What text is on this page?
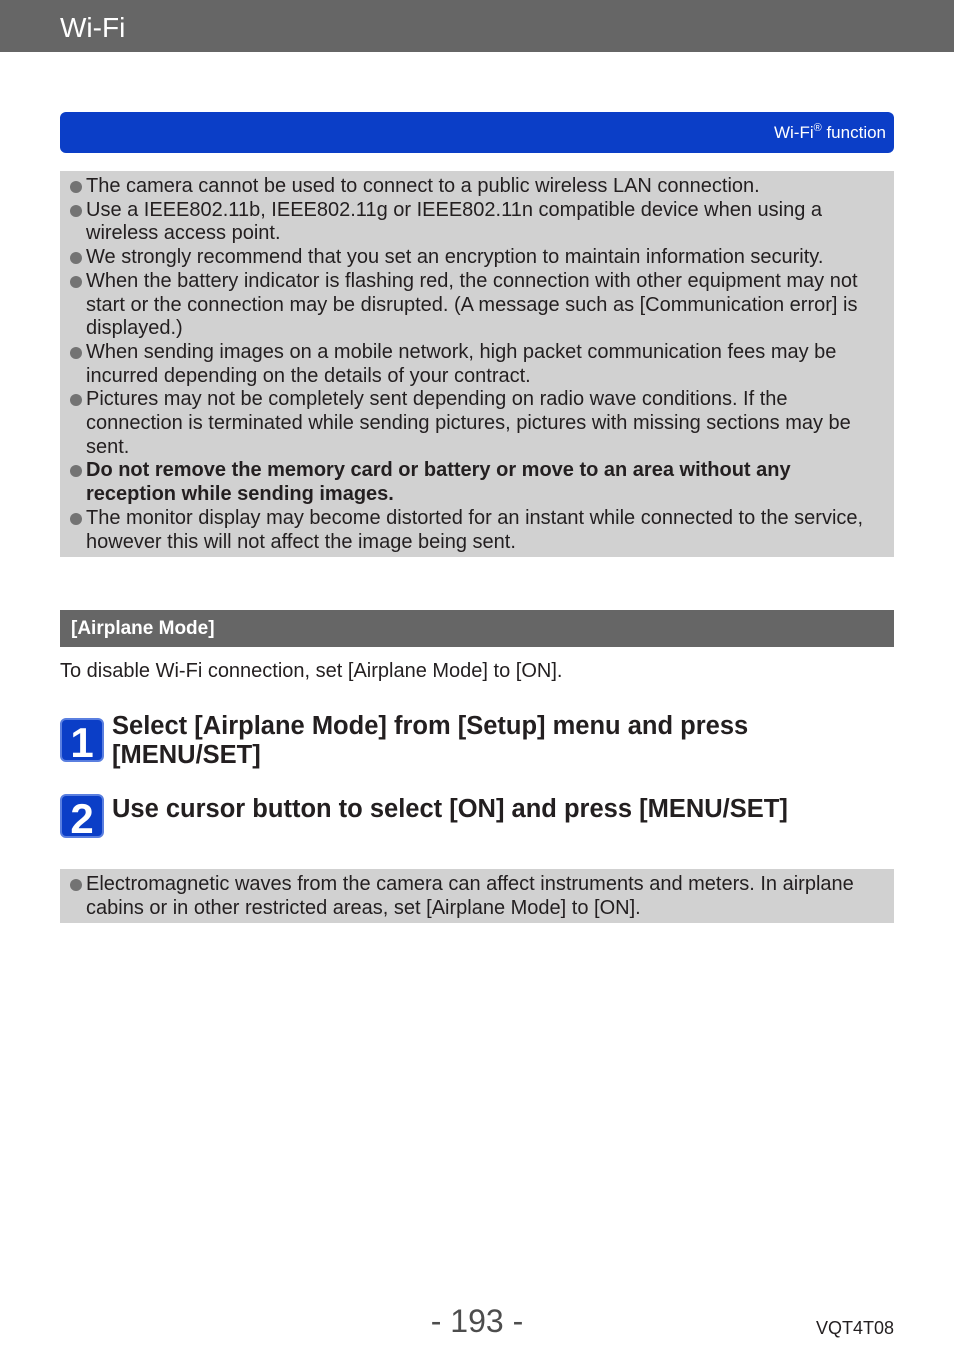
Wi-Fi
Wi-Fi® function
The camera cannot be used to connect to a public wireless LAN connection.
Use a IEEE802.11b, IEEE802.11g or IEEE802.11n compatible device when using a wireless access point.
We strongly recommend that you set an encryption to maintain information security.
When the battery indicator is flashing red, the connection with other equipment may not start or the connection may be disrupted. (A message such as [Communication error] is displayed.)
When sending images on a mobile network, high packet communication fees may be incurred depending on the details of your contract.
Pictures may not be completely sent depending on radio wave conditions. If the connection is terminated while sending pictures, pictures with missing sections may be sent.
Do not remove the memory card or battery or move to an area without any reception while sending images.
The monitor display may become distorted for an instant while connected to the service, however this will not affect the image being sent.
[Airplane Mode]
To disable Wi-Fi connection, set [Airplane Mode] to [ON].
1 Select [Airplane Mode] from [Setup] menu and press [MENU/SET]
2 Use cursor button to select [ON] and press [MENU/SET]
Electromagnetic waves from the camera can affect instruments and meters. In airplane cabins or in other restricted areas, set [Airplane Mode] to [ON].
- 193 -	VQT4T08
